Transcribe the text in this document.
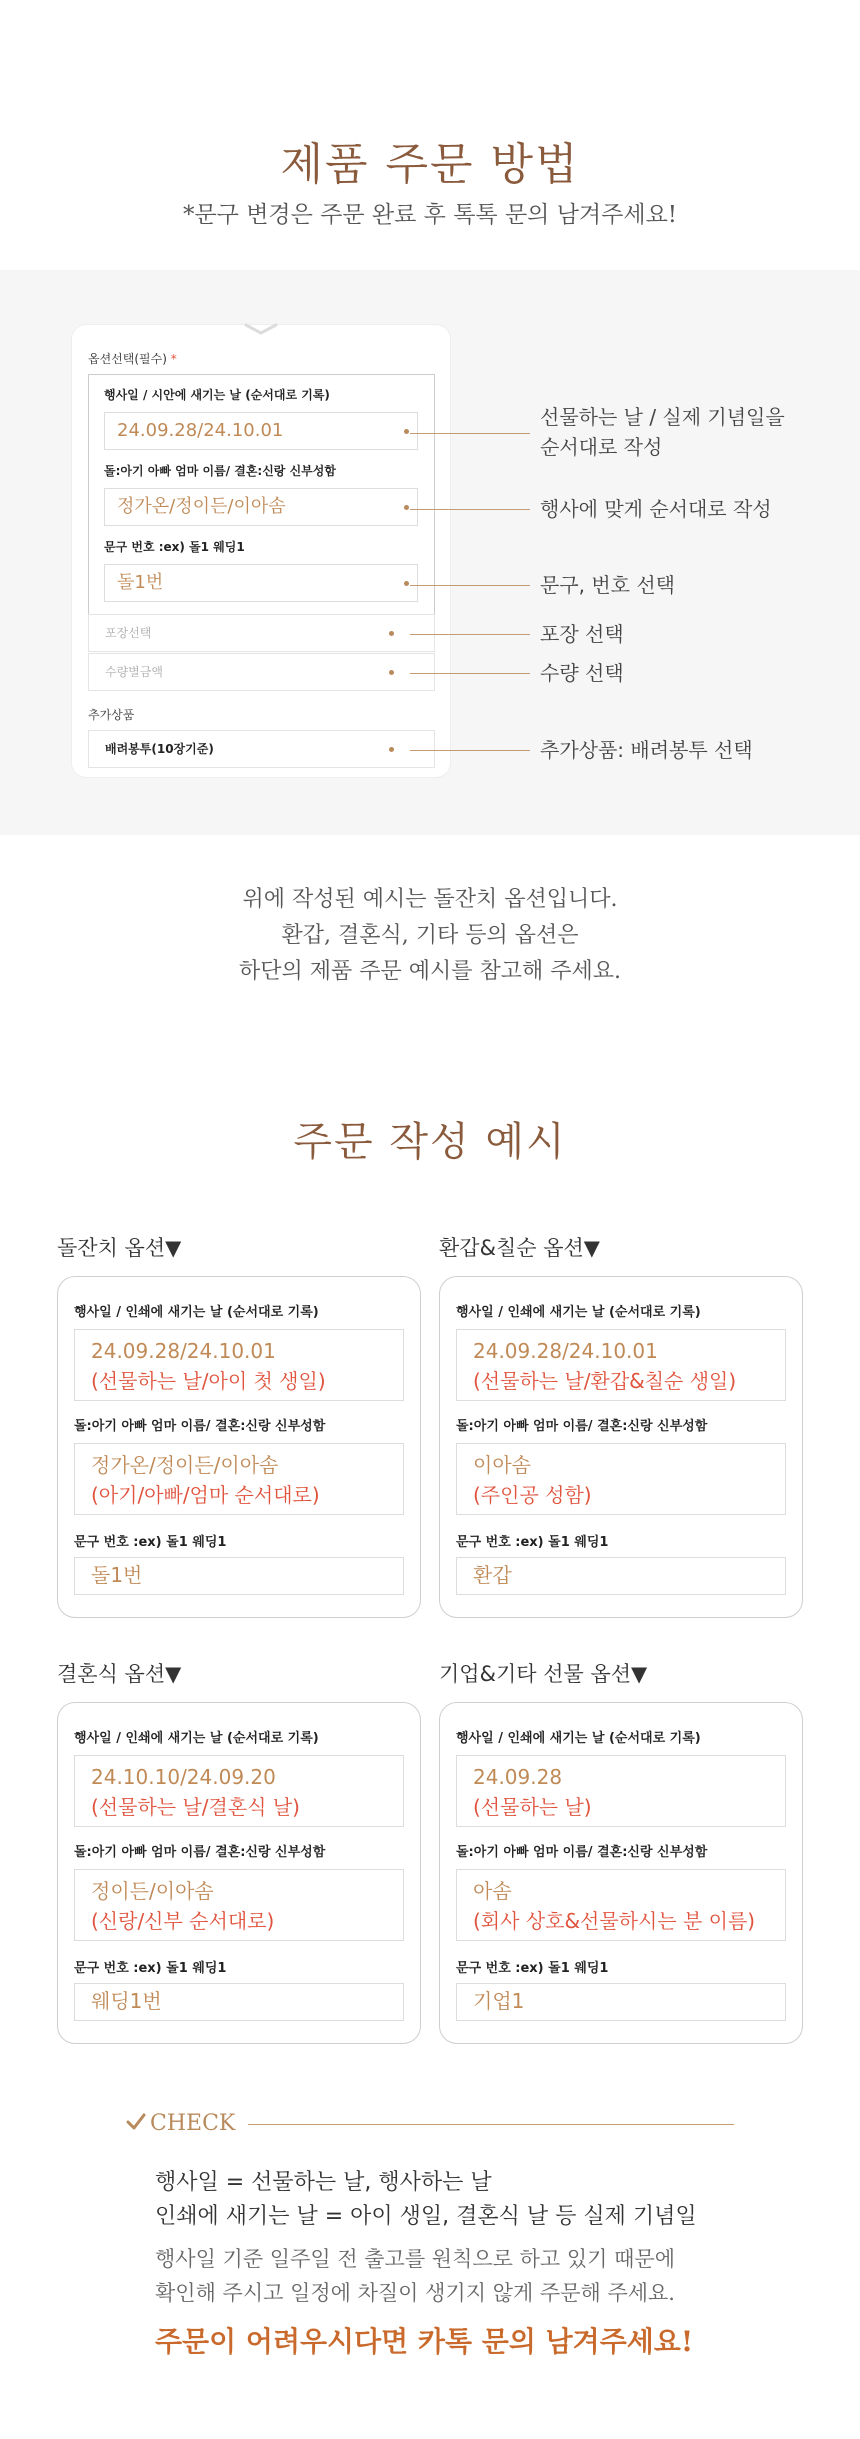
제품 주문 방법
*문구 변경은 주문 완료 후 톡톡 문의 남겨주세요!
옵션선택(필수) *
행사일 / 시안에 새기는 날 (순서대로 기록)
24.09.28/24.10.01
돌:아기 아빠 엄마 이름/ 결혼:신랑 신부성함
정가온/정이든/이아솜
문구 번호 :ex) 돌1 웨딩1
돌1번
포장선택
수량별금액
추가상품
배려봉투(10장기준)
선물하는 날 / 실제 기념일을
순서대로 작성
행사에 맞게 순서대로 작성
문구, 번호 선택
포장 선택
수량 선택
추가상품: 배려봉투 선택
위에 작성된 예시는 돌잔치 옵션입니다.
환갑, 결혼식, 기타 등의 옵션은
하단의 제품 주문 예시를 참고해 주세요.
주문 작성 예시
돌잔치 옵션▼
행사일 / 인쇄에 새기는 날 (순서대로 기록)
24.09.28/24.10.01
(선물하는 날/아이 첫 생일)
돌:아기 아빠 엄마 이름/ 결혼:신랑 신부성함
정가온/정이든/이아솜
(아기/아빠/엄마 순서대로)
문구 번호 :ex) 돌1 웨딩1
돌1번
환갑&칠순 옵션▼
행사일 / 인쇄에 새기는 날 (순서대로 기록)
24.09.28/24.10.01
(선물하는 날/환갑&칠순 생일)
돌:아기 아빠 엄마 이름/ 결혼:신랑 신부성함
이아솜
(주인공 성함)
문구 번호 :ex) 돌1 웨딩1
환갑
결혼식 옵션▼
행사일 / 인쇄에 새기는 날 (순서대로 기록)
24.10.10/24.09.20
(선물하는 날/결혼식 날)
돌:아기 아빠 엄마 이름/ 결혼:신랑 신부성함
정이든/이아솜
(신랑/신부 순서대로)
문구 번호 :ex) 돌1 웨딩1
웨딩1번
기업&기타 선물 옵션▼
행사일 / 인쇄에 새기는 날 (순서대로 기록)
24.09.28
(선물하는 날)
돌:아기 아빠 엄마 이름/ 결혼:신랑 신부성함
아솜
(회사 상호&선물하시는 분 이름)
문구 번호 :ex) 돌1 웨딩1
기업1
CHECK
행사일 = 선물하는 날, 행사하는 날
인쇄에 새기는 날 = 아이 생일, 결혼식 날 등 실제 기념일
행사일 기준 일주일 전 출고를 원칙으로 하고 있기 때문에
확인해 주시고 일정에 차질이 생기지 않게 주문해 주세요.
주문이 어려우시다면 카톡 문의 남겨주세요!
